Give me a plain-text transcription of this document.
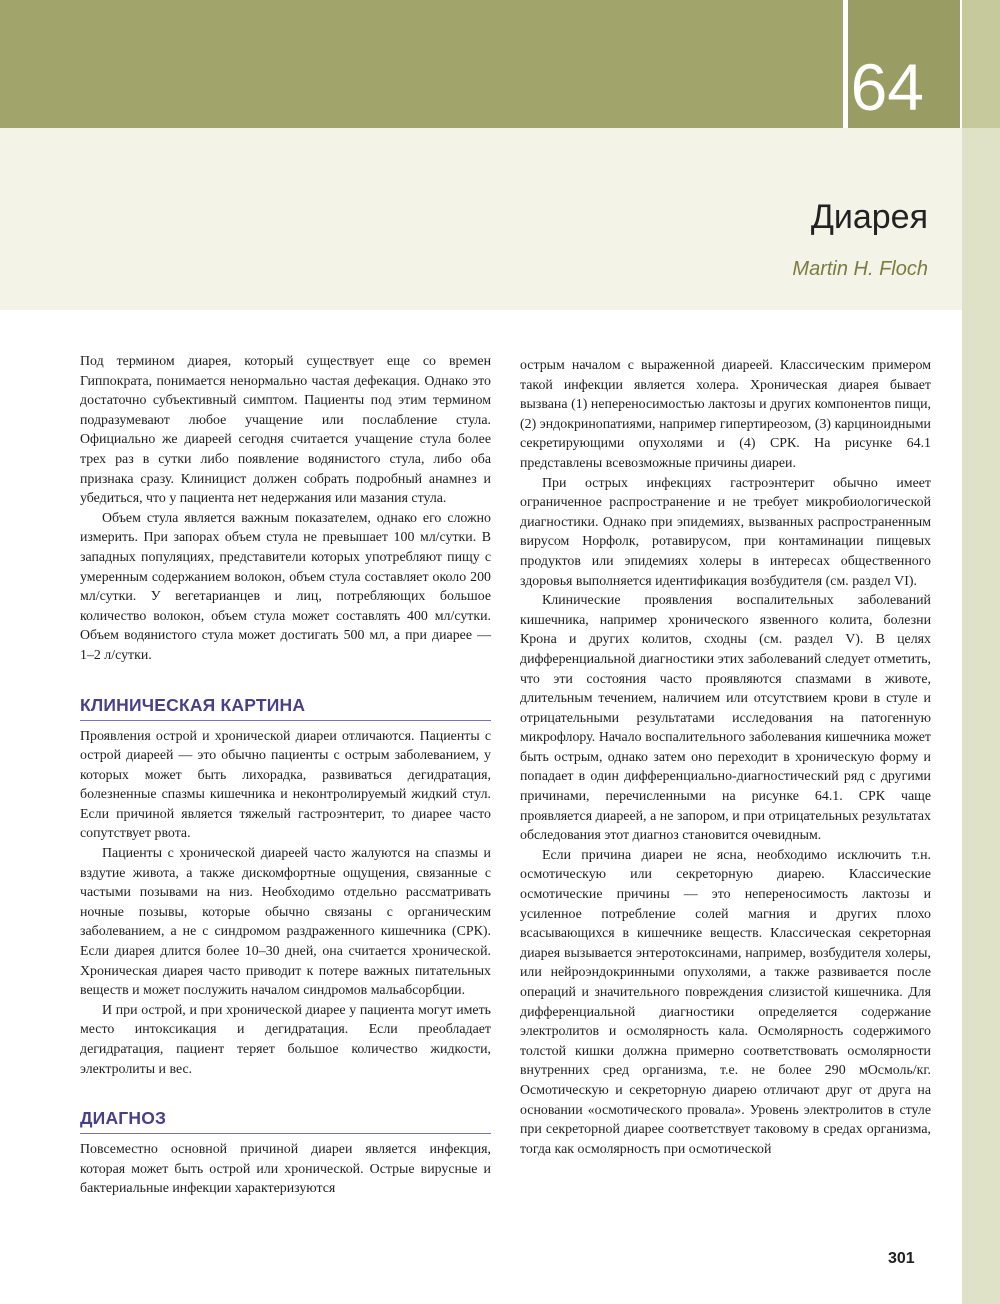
64
Диарея
Martin H. Floch

Под термином диарея, который существует еще со времен Гиппократа, понимается ненормально частая дефекация. Однако это достаточно субъективный симптом. Пациенты под этим термином подразумевают любое учащение или послабление стула. Официально же диареей сегодня считается учащение стула более трех раз в сутки либо появление водянистого стула, либо оба признака сразу. Клиницист должен собрать подробный анамнез и убедиться, что у пациента нет недержания или мазания стула.

Объем стула является важным показателем, однако его сложно измерить. При запорах объем стула не превышает 100 мл/сутки. В западных популяциях, представители которых употребляют пищу с умеренным содержанием волокон, объем стула составляет около 200 мл/сутки. У вегетарианцев и лиц, потребляющих большое количество волокон, объем стула может составлять 400 мл/сутки. Объем водянистого стула может достигать 500 мл, а при диарее — 1–2 л/сутки.

КЛИНИЧЕСКАЯ КАРТИНА

Проявления острой и хронической диареи отличаются. Пациенты с острой диареей — это обычно пациенты с острым заболеванием, у которых может быть лихорадка, развиваться дегидратация, болезненные спазмы кишечника и неконтролируемый жидкий стул. Если причиной является тяжелый гастроэнтерит, то диарее часто сопутствует рвота.

Пациенты с хронической диареей часто жалуются на спазмы и вздутие живота, а также дискомфортные ощущения, связанные с частыми позывами на низ. Необходимо отдельно рассматривать ночные позывы, которые обычно связаны с органическим заболеванием, а не с синдромом раздраженного кишечника (СРК). Если диарея длится более 10–30 дней, она считается хронической. Хроническая диарея часто приводит к потере важных питательных веществ и может послужить началом синдромов мальабсорбции.

И при острой, и при хронической диарее у пациента могут иметь место интоксикация и дегидратация. Если преобладает дегидратация, пациент теряет большое количество жидкости, электролиты и вес.

ДИАГНОЗ

Повсеместно основной причиной диареи является инфекция, которая может быть острой или хронической. Острые вирусные и бактериальные инфекции характеризуются

острым началом с выраженной диареей. Классическим примером такой инфекции является холера. Хроническая диарея бывает вызвана (1) непереносимостью лактозы и других компонентов пищи, (2) эндокринопатиями, например гипертиреозом, (3) карциноидными секретирующими опухолями и (4) СРК. На рисунке 64.1 представлены всевозможные причины диареи.

При острых инфекциях гастроэнтерит обычно имеет ограниченное распространение и не требует микробиологической диагностики. Однако при эпидемиях, вызванных распространенным вирусом Норфолк, ротавирусом, при контаминации пищевых продуктов или эпидемиях холеры в интересах общественного здоровья выполняется идентификация возбудителя (см. раздел VI).

Клинические проявления воспалительных заболеваний кишечника, например хронического язвенного колита, болезни Крона и других колитов, сходны (см. раздел V). В целях дифференциальной диагностики этих заболеваний следует отметить, что эти состояния часто проявляются спазмами в животе, длительным течением, наличием или отсутствием крови в стуле и отрицательными результатами исследования на патогенную микрофлору. Начало воспалительного заболевания кишечника может быть острым, однако затем оно переходит в хроническую форму и попадает в один дифференциально-диагностический ряд с другими причинами, перечисленными на рисунке 64.1. СРК чаще проявляется диареей, а не запором, и при отрицательных результатах обследования этот диагноз становится очевидным.

Если причина диареи не ясна, необходимо исключить т.н. осмотическую или секреторную диарею. Классические осмотические причины — это непереносимость лактозы и усиленное потребление солей магния и других плохо всасывающихся в кишечнике веществ. Классическая секреторная диарея вызывается энтеротоксинами, например, возбудителя холеры, или нейроэндокринными опухолями, а также развивается после операций и значительного повреждения слизистой кишечника. Для дифференциальной диагностики определяется содержание электролитов и осмолярность кала. Осмолярность содержимого толстой кишки должна примерно соответствовать осмолярности внутренних сред организма, т.е. не более 290 мОсмоль/кг. Осмотическую и секреторную диарею отличают друг от друга на основании «осмотического провала». Уровень электролитов в стуле при секреторной диарее соответствует таковому в средах организма, тогда как осмолярность при осмотической

301
